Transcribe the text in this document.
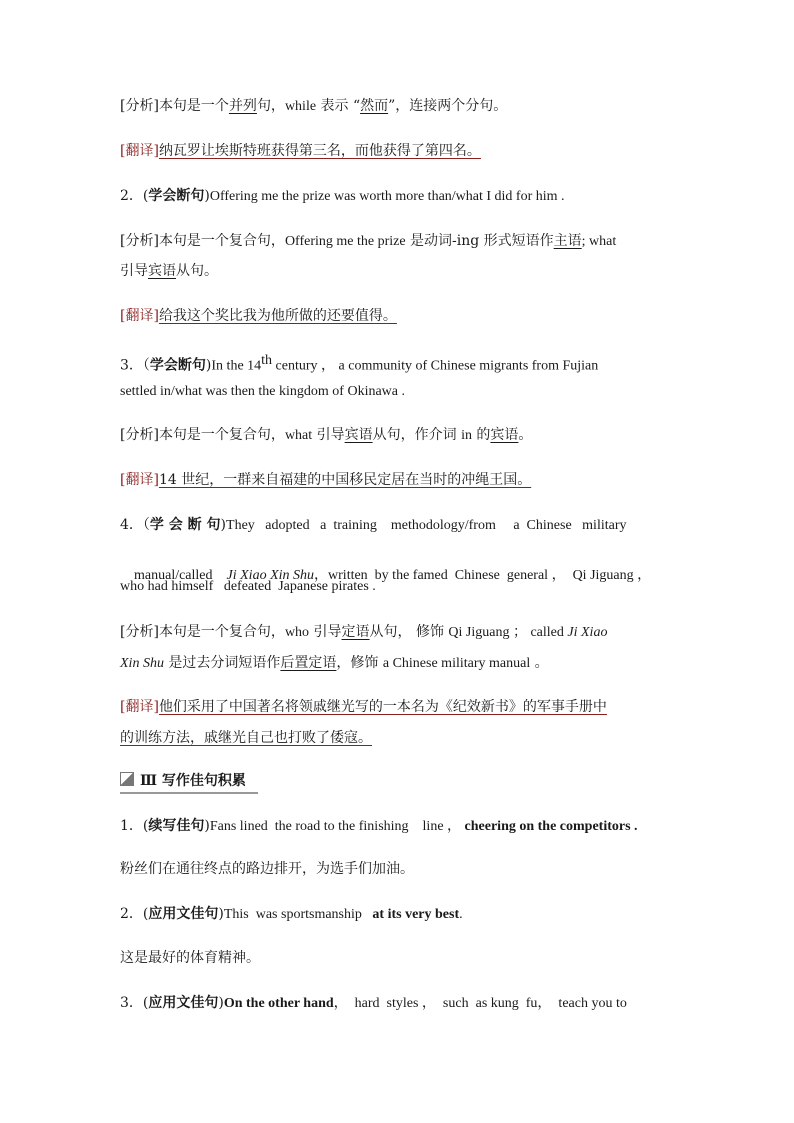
[分析]本句是一个并列句，while 表示 “然而”，连接两个分句。
[翻译]纳瓦罗让埃斯特班获得第三名，而他获得了第四名。
2．(学会断句)Offering me the prize was worth more than/what I did for him .
[分析]本句是一个复合句，Offering me the prize 是动词-ing 形式短语作主语; what
引导宾语从句。
[翻译]给我这个奖比我为他所做的还要值得。
3．（学会断句)In the 14th century ， a community of Chinese migrants from Fujian
settled in/what was then the kingdom of Okinawa .
[分析]本句是一个复合句，what 引导宾语从句，作介词 in 的宾语。
[翻译]14 世纪，一群来自福建的中国移民定居在当时的冲绳王国。
4．（学 会 断 句)They   adopted   a  training    methodology/from     a  Chinese   military

manual/called    Ji Xiao Xin Shu，written  by the famed  Chinese  general ，  Qi Jiguang ，

who had himself   defeated  Japanese pirates .
[分析]本句是一个复合句，who 引导定语从句， 修饰 Qi Jiguang ； called Ji Xiao
Xin Shu 是过去分词短语作后置定语，修饰 a Chinese military manual 。
[翻译]他们采用了中国著名将领戚继光写的一本名为《纪效新书》的军事手册中
的训练方法，戚继光自己也打败了倭寇。
Ⅲ 写作佳句积累
1．(续写佳句)Fans lined  the road to the finishing    line ， cheering on the competitors .
粉丝们在通往终点的路边排开，为选手们加油。
2．(应用文佳句)This  was sportsmanship   at its very best.
这是最好的体育精神。
3．(应用文佳句)On the other hand，  hard  styles ，  such  as kung  fu，  teach you to
